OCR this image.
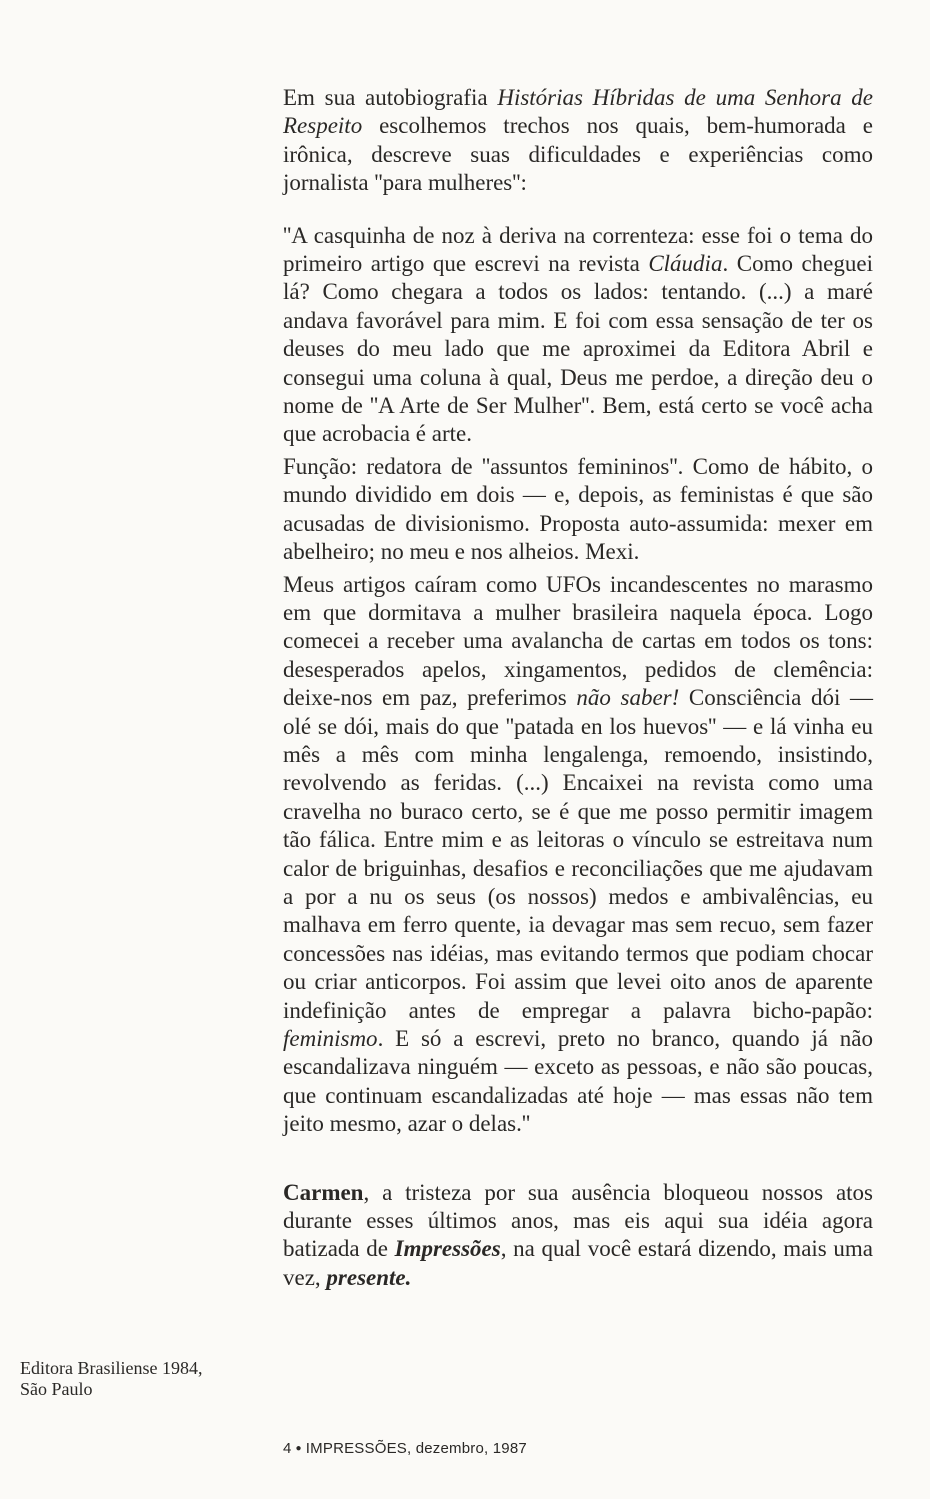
Em sua autobiografia Histórias Híbridas de uma Senhora de Respeito escolhemos trechos nos quais, bem-humorada e irônica, descreve suas dificuldades e experiências como jornalista ''para mulheres'':

''A casquinha de noz à deriva na correnteza: esse foi o tema do primeiro artigo que escrevi na revista Cláudia. Como cheguei lá? Como chegara a todos os lados: tentando. (...) a maré andava favorável para mim. E foi com essa sensação de ter os deuses do meu lado que me aproximei da Editora Abril e consegui uma coluna à qual, Deus me perdoe, a direção deu o nome de ''A Arte de Ser Mulher''. Bem, está certo se você acha que acrobacia é arte.

Função: redatora de ''assuntos femininos''. Como de hábito, o mundo dividido em dois — e, depois, as feministas é que são acusadas de divisionismo. Proposta auto-assumida: mexer em abelheiro; no meu e nos alheios. Mexi.

Meus artigos caíram como UFOs incandescentes no marasmo em que dormitava a mulher brasileira naquela época. Logo comecei a receber uma avalancha de cartas em todos os tons: desesperados apelos, xingamentos, pedidos de clemência: deixe-nos em paz, preferimos não saber! Consciência dói — olé se dói, mais do que ''patada en los huevos'' — e lá vinha eu mês a mês com minha lengalenga, remoendo, insistindo, revolvendo as feridas. (...) Encaixei na revista como uma cravelha no buraco certo, se é que me posso permitir imagem tão fálica. Entre mim e as leitoras o vínculo se estreitava num calor de briguinhas, desafios e reconciliações que me ajudavam a por a nu os seus (os nossos) medos e ambivalências, eu malhava em ferro quente, ia devagar mas sem recuo, sem fazer concessões nas idéias, mas evitando termos que podiam chocar ou criar anticorpos. Foi assim que levei oito anos de aparente indefinição antes de empregar a palavra bicho-papão: feminismo. E só a escrevi, preto no branco, quando já não escandalizava ninguém — exceto as pessoas, e não são poucas, que continuam escandalizadas até hoje — mas essas não tem jeito mesmo, azar o delas.''

Carmen, a tristeza por sua ausência bloqueou nossos atos durante esses últimos anos, mas eis aqui sua idéia agora batizada de Impressões, na qual você estará dizendo, mais uma vez, presente.

Editora Brasiliense 1984,
São Paulo
4 ● IMPRESSÕES, dezembro, 1987
